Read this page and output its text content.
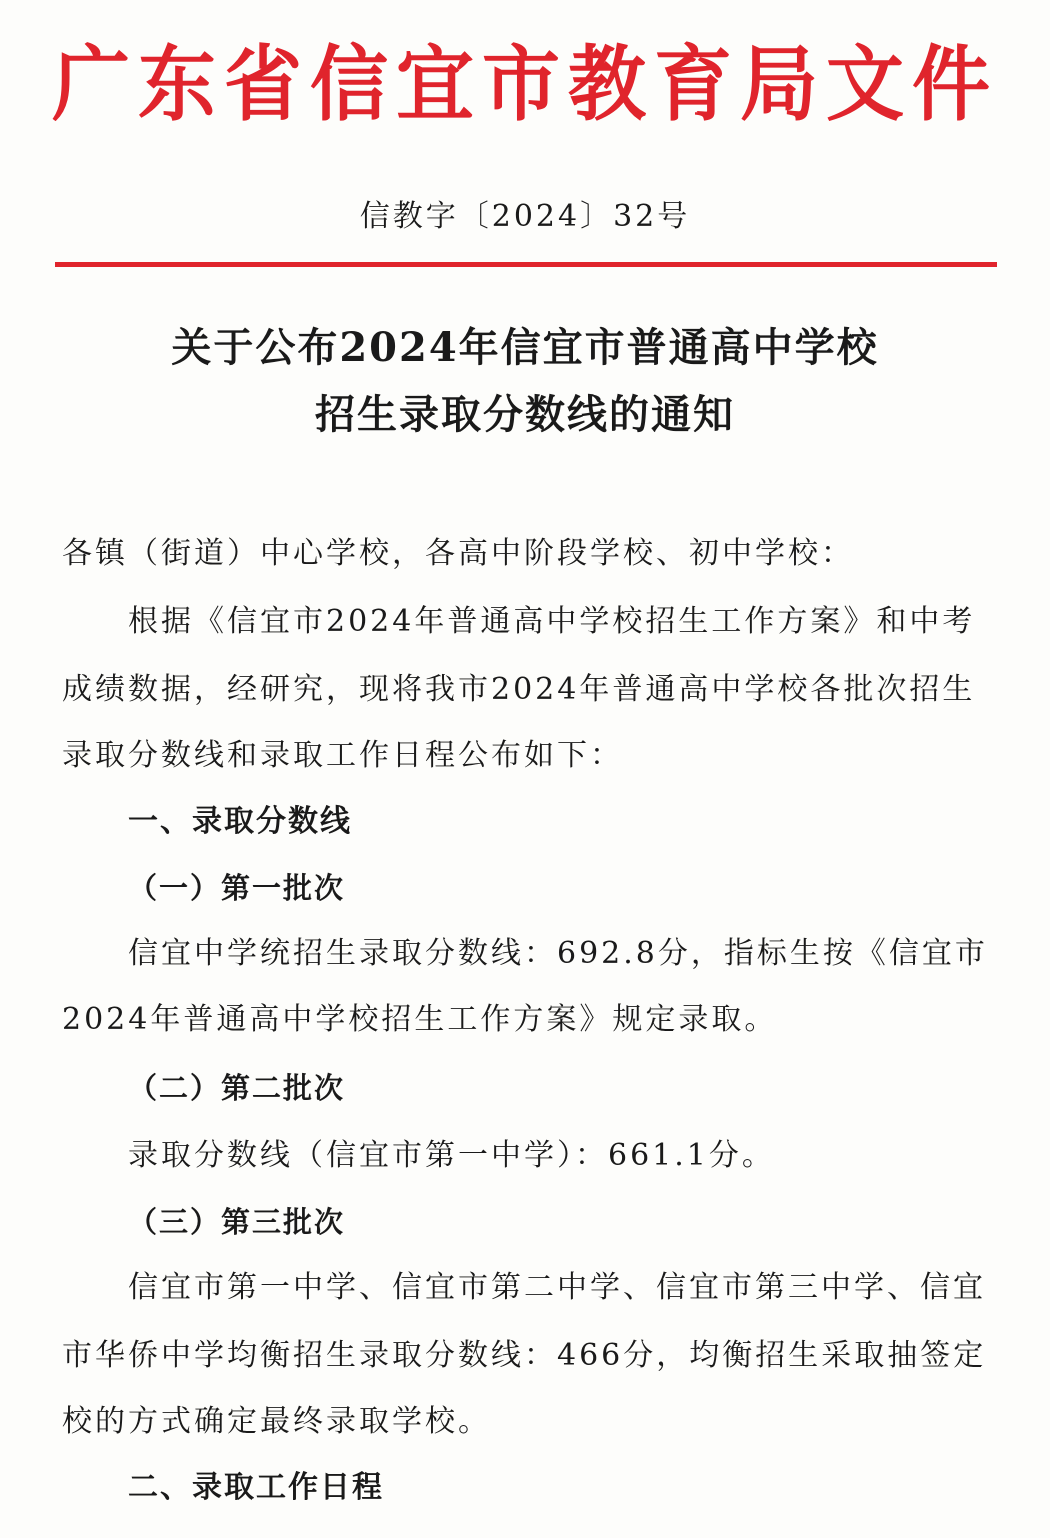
广东省信宜市教育局文件
信教字〔2024〕32号
关于公布2024年信宜市普通高中学校
招生录取分数线的通知
各镇（街道）中心学校，各高中阶段学校、初中学校：
根据《信宜市2024年普通高中学校招生工作方案》和中考
成绩数据，经研究，现将我市2024年普通高中学校各批次招生
录取分数线和录取工作日程公布如下：
一、录取分数线
（一）第一批次
信宜中学统招生录取分数线：692.8分，指标生按《信宜市
2024年普通高中学校招生工作方案》规定录取。
（二）第二批次
录取分数线（信宜市第一中学）：661.1分。
（三）第三批次
信宜市第一中学、信宜市第二中学、信宜市第三中学、信宜
市华侨中学均衡招生录取分数线：466分，均衡招生采取抽签定
校的方式确定最终录取学校。
二、录取工作日程
